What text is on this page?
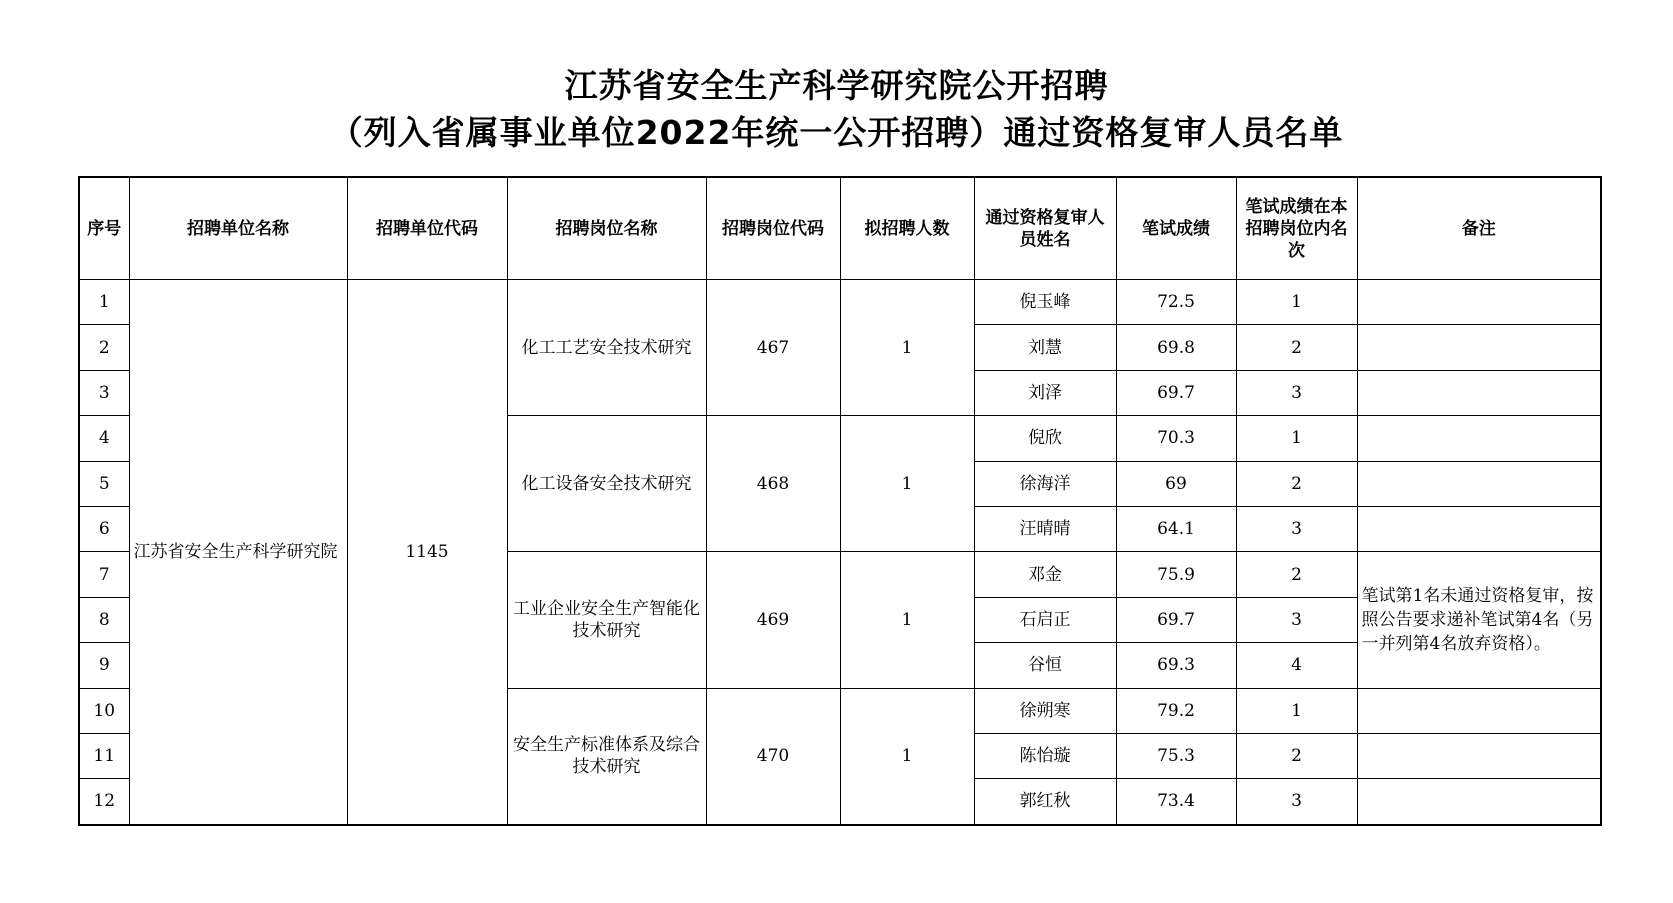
江苏省安全生产科学研究院公开招聘
（列入省属事业单位2022年统一公开招聘）通过资格复审人员名单
序号	招聘单位名称	招聘单位代码	招聘岗位名称	招聘岗位代码	拟招聘人数	通过资格复审人员姓名	笔试成绩	笔试成绩在本招聘岗位内名次	备注
1	江苏省安全生产科学研究院	1145	化工工艺安全技术研究	467	1	倪玉峰	72.5	1	
2						刘慧	69.8	2	
3						刘泽	69.7	3	
4			化工设备安全技术研究	468	1	倪欣	70.3	1	
5						徐海洋	69	2	
6						汪晴晴	64.1	3	
7			工业企业安全生产智能化技术研究	469	1	邓金	75.9	2	笔试第1名未通过资格复审，按照公告要求递补笔试第4名（另一并列第4名放弃资格）。
8						石启正	69.7	3	
9						谷恒	69.3	4	
10			安全生产标准体系及综合技术研究	470	1	徐朔寒	79.2	1	
11						陈怡璇	75.3	2	
12						郭红秋	73.4	3	
